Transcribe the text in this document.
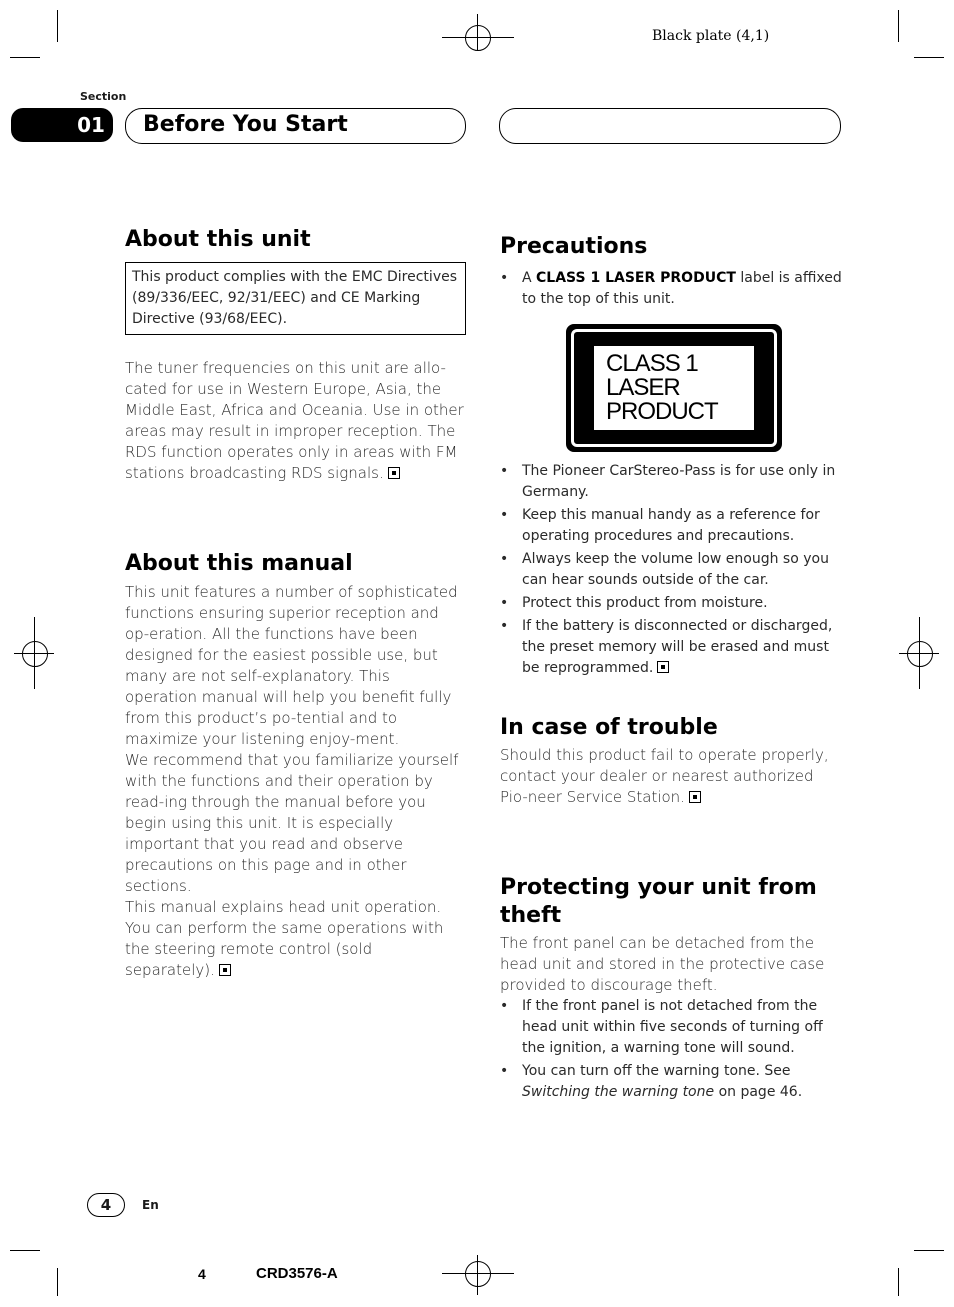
Black plate (4,1)
Section
01	Before You Start
About this unit
This product complies with the EMC Directives (89/336/EEC, 92/31/EEC) and CE Marking Directive (93/68/EEC).
The tuner frequencies on this unit are allo-cated for use in Western Europe, Asia, the Middle East, Africa and Oceania. Use in other areas may result in improper reception. The RDS function operates only in areas with FM stations broadcasting RDS signals.
About this manual
This unit features a number of sophisticated functions ensuring superior reception and op-eration. All the functions have been designed for the easiest possible use, but many are not self-explanatory. This operation manual will help you benefit fully from this product’s po-tential and to maximize your listening enjoy-ment.
We recommend that you familiarize yourself with the functions and their operation by read-ing through the manual before you begin using this unit. It is especially important that you read and observe precautions on this page and in other sections.
This manual explains head unit operation. You can perform the same operations with the steering remote control (sold separately).
Precautions
• A CLASS 1 LASER PRODUCT label is affixed to the top of this unit.
CLASS 1
LASER PRODUCT
• The Pioneer CarStereo-Pass is for use only in Germany.
• Keep this manual handy as a reference for operating procedures and precautions.
• Always keep the volume low enough so you can hear sounds outside of the car.
• Protect this product from moisture.
• If the battery is disconnected or discharged, the preset memory will be erased and must be reprogrammed.
In case of trouble
Should this product fail to operate properly, contact your dealer or nearest authorized Pio-neer Service Station.
Protecting your unit from theft
The front panel can be detached from the head unit and stored in the protective case provided to discourage theft.
• If the front panel is not detached from the head unit within five seconds of turning off the ignition, a warning tone will sound.
• You can turn off the warning tone. See Switching the warning tone on page 46.
4	En
4	CRD3576-A
